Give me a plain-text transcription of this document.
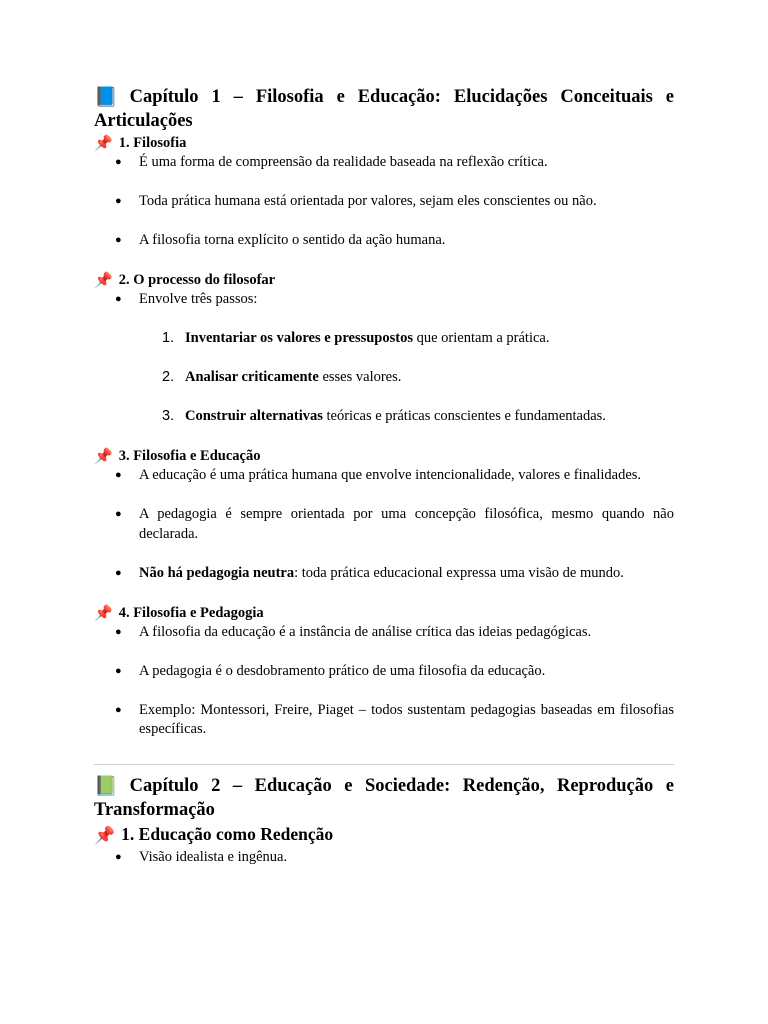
📘 Capítulo 1 – Filosofia e Educação: Elucidações Conceituais e Articulações

📌 1. Filosofia

● É uma forma de compreensão da realidade baseada na reflexão crítica.
● Toda prática humana está orientada por valores, sejam eles conscientes ou não.
● A filosofia torna explícito o sentido da ação humana.

📌 2. O processo do filosofar

● Envolve três passos:
1. Inventariar os valores e pressupostos que orientam a prática.
2. Analisar criticamente esses valores.
3. Construir alternativas teóricas e práticas conscientes e fundamentadas.

📌 3. Filosofia e Educação

● A educação é uma prática humana que envolve intencionalidade, valores e finalidades.
● A pedagogia é sempre orientada por uma concepção filosófica, mesmo quando não declarada.
● Não há pedagogia neutra: toda prática educacional expressa uma visão de mundo.

📌 4. Filosofia e Pedagogia

● A filosofia da educação é a instância de análise crítica das ideias pedagógicas.
● A pedagogia é o desdobramento prático de uma filosofia da educação.
● Exemplo: Montessori, Freire, Piaget – todos sustentam pedagogias baseadas em filosofias específicas.

📗 Capítulo 2 – Educação e Sociedade: Redenção, Reprodução e Transformação

📌 1. Educação como Redenção

● Visão idealista e ingênua.
